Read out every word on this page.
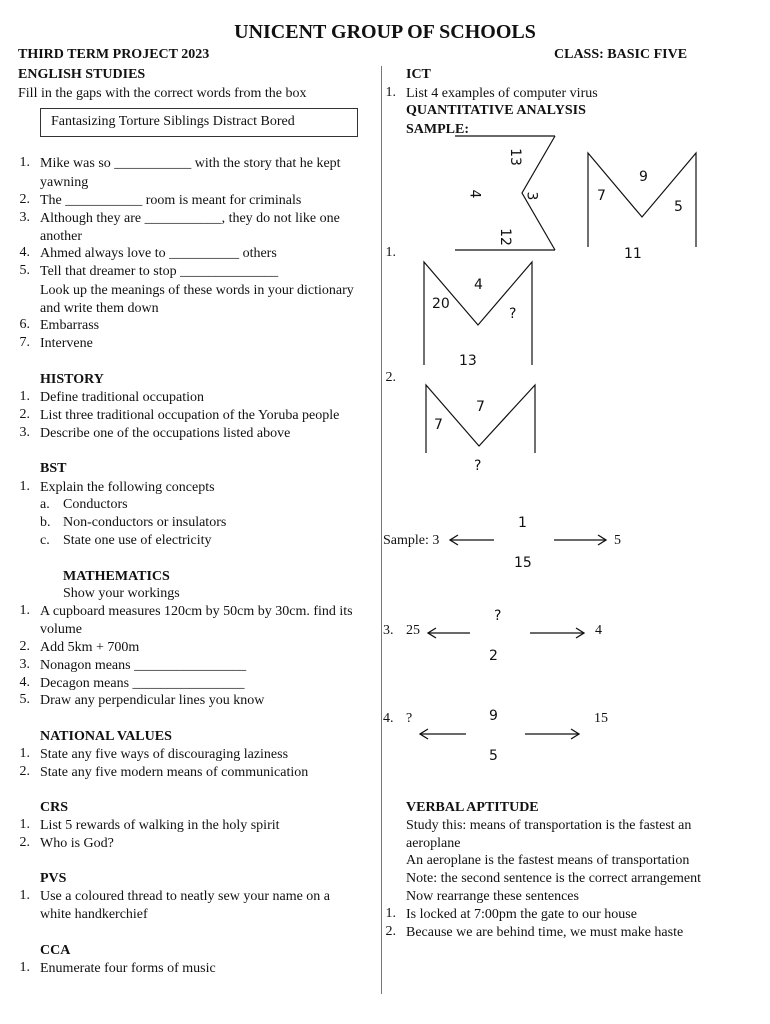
UNICENT GROUP OF SCHOOLS
THIRD TERM PROJECT 2023	CLASS: BASIC FIVE
ENGLISH STUDIES
Fill in the gaps with the correct words from the box
Fantasizing Torture Siblings Distract Bored
1. Mike was so ___________ with the story that he kept
yawning
2. The ___________ room is meant for criminals
3. Although they are ___________, they do not like one
another
4. Ahmed always love to __________ others
5. Tell that dreamer to stop ______________
Look up the meanings of these words in your dictionary
and write them down
6. Embarrass
7. Intervene
HISTORY
1. Define traditional occupation
2. List three traditional occupation of the Yoruba people
3. Describe one of the occupations listed above
BST
1. Explain the following concepts
a. Conductors
b. Non-conductors or insulators
c. State one use of electricity
MATHEMATICS
Show your workings
1. A cupboard measures 120cm by 50cm by 30cm. find its
volume
2. Add 5km + 700m
3. Nonagon means ________________
4. Decagon means ________________
5. Draw any perpendicular lines you know
NATIONAL VALUES
1. State any five ways of discouraging laziness
2. State any five modern means of communication
CRS
1. List 5 rewards of walking in the holy spirit
2. Who is God?
PVS
1. Use a coloured thread to neatly sew your name on a
white handkerchief
CCA
1. Enumerate four forms of music
ICT
1. List 4 examples of computer virus
QUANTITATIVE ANALYSIS
SAMPLE:
13
4	3
12
7
9
5
11
1.
20
4
?
13
2.
7
7
?
Sample: 3
1
15
5
3. 25
?
2
4
4. ?	9
5
15
VERBAL APTITUDE
Study this: means of transportation is the fastest an
aeroplane
An aeroplane is the fastest means of transportation
Note: the second sentence is the correct arrangement
Now rearrange these sentences
1. Is locked at 7:00pm the gate to our house
2. Because we are behind time, we must make haste
